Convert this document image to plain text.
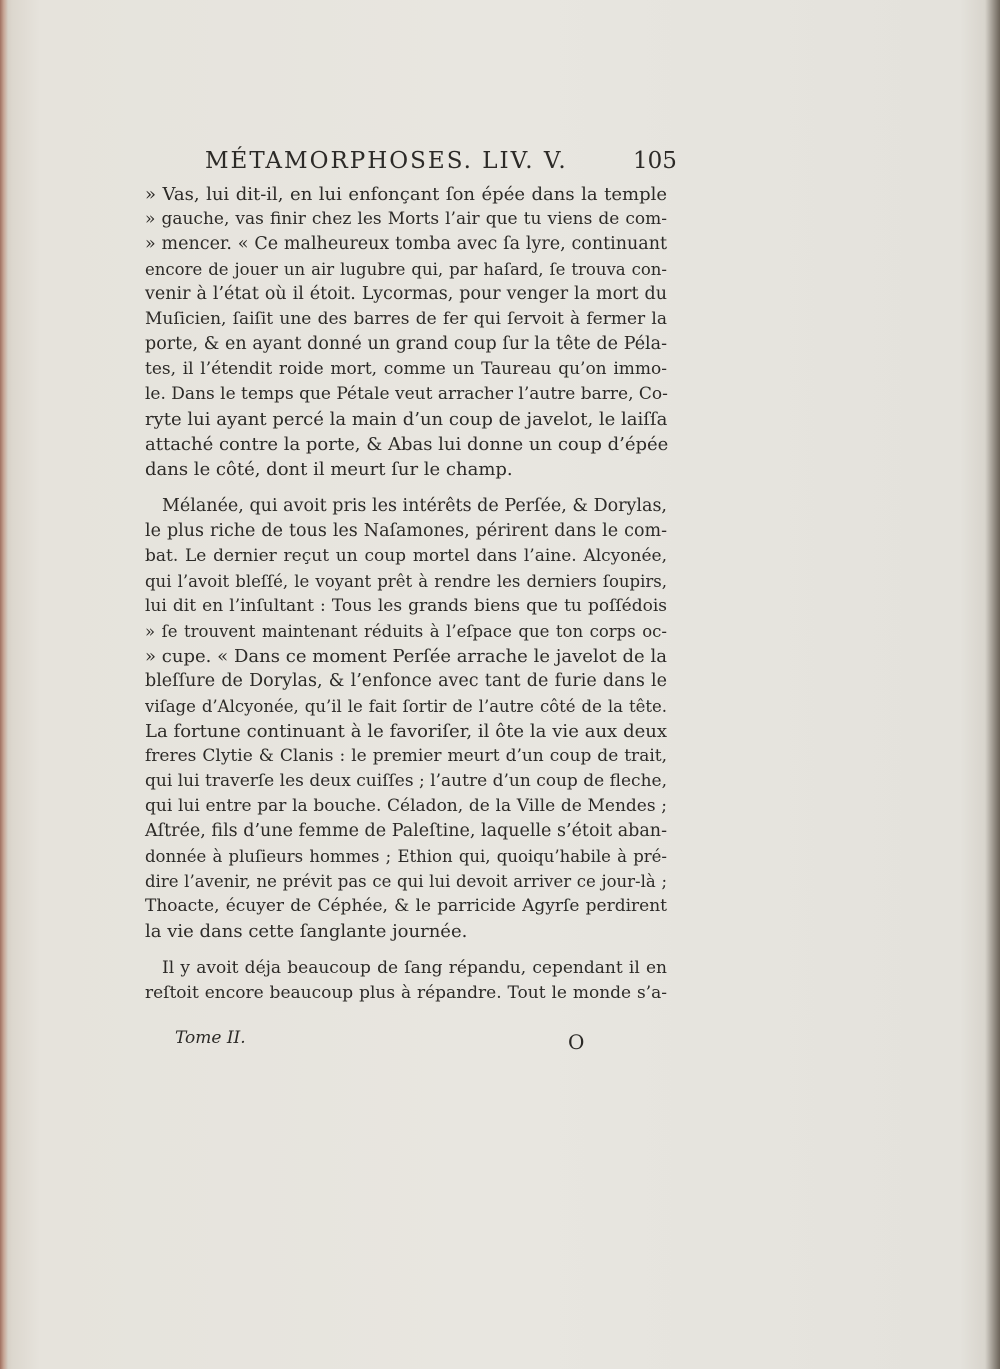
MÉTAMORPHOSES. LIV. V.	105
» Vas, lui dit-il, en lui enfonçant ſon épée dans la temple
» gauche, vas finir chez les Morts l’air que tu viens de com-
» mencer. « Ce malheureux tomba avec ſa lyre, continuant
encore de jouer un air lugubre qui, par haſard, ſe trouva con-
venir à l’état où il étoit. Lycormas, pour venger la mort du
Muſicien, ſaiſit une des barres de fer qui ſervoit à fermer la
porte, & en ayant donné un grand coup ſur la tête de Péla-
tes, il l’étendit roide mort, comme un Taureau qu’on immo-
le. Dans le temps que Pétale veut arracher l’autre barre, Co-
ryte lui ayant percé la main d’un coup de javelot, le laiſſa
attaché contre la porte, & Abas lui donne un coup d’épée
dans le côté, dont il meurt ſur le champ.
Mélanée, qui avoit pris les intérêts de Perſée, & Dorylas,
le plus riche de tous les Naſamones, périrent dans le com-
bat. Le dernier reçut un coup mortel dans l’aine. Alcyonée,
qui l’avoit bleſſé, le voyant prêt à rendre les derniers ſoupirs,
lui dit en l’inſultant : Tous les grands biens que tu poſſédois
» ſe trouvent maintenant réduits à l’eſpace que ton corps oc-
» cupe. « Dans ce moment Perſée arrache le javelot de la
bleſſure de Dorylas, & l’enfonce avec tant de furie dans le
viſage d’Alcyonée, qu’il le fait ſortir de l’autre côté de la tête.
La fortune continuant à le favoriſer, il ôte la vie aux deux
freres Clytie & Clanis : le premier meurt d’un coup de trait,
qui lui traverſe les deux cuiſſes ; l’autre d’un coup de fleche,
qui lui entre par la bouche. Céladon, de la Ville de Mendes ;
Aſtrée, fils d’une femme de Paleſtine, laquelle s’étoit aban-
donnée à pluſieurs hommes ; Ethion qui, quoiqu’habile à pré-
dire l’avenir, ne prévit pas ce qui lui devoit arriver ce jour-là ;
Thoacte, écuyer de Céphée, & le parricide Agyrſe perdirent
la vie dans cette ſanglante journée.
Il y avoit déja beaucoup de ſang répandu, cependant il en
reſtoit encore beaucoup plus à répandre. Tout le monde s’a-
Tome II.	O
